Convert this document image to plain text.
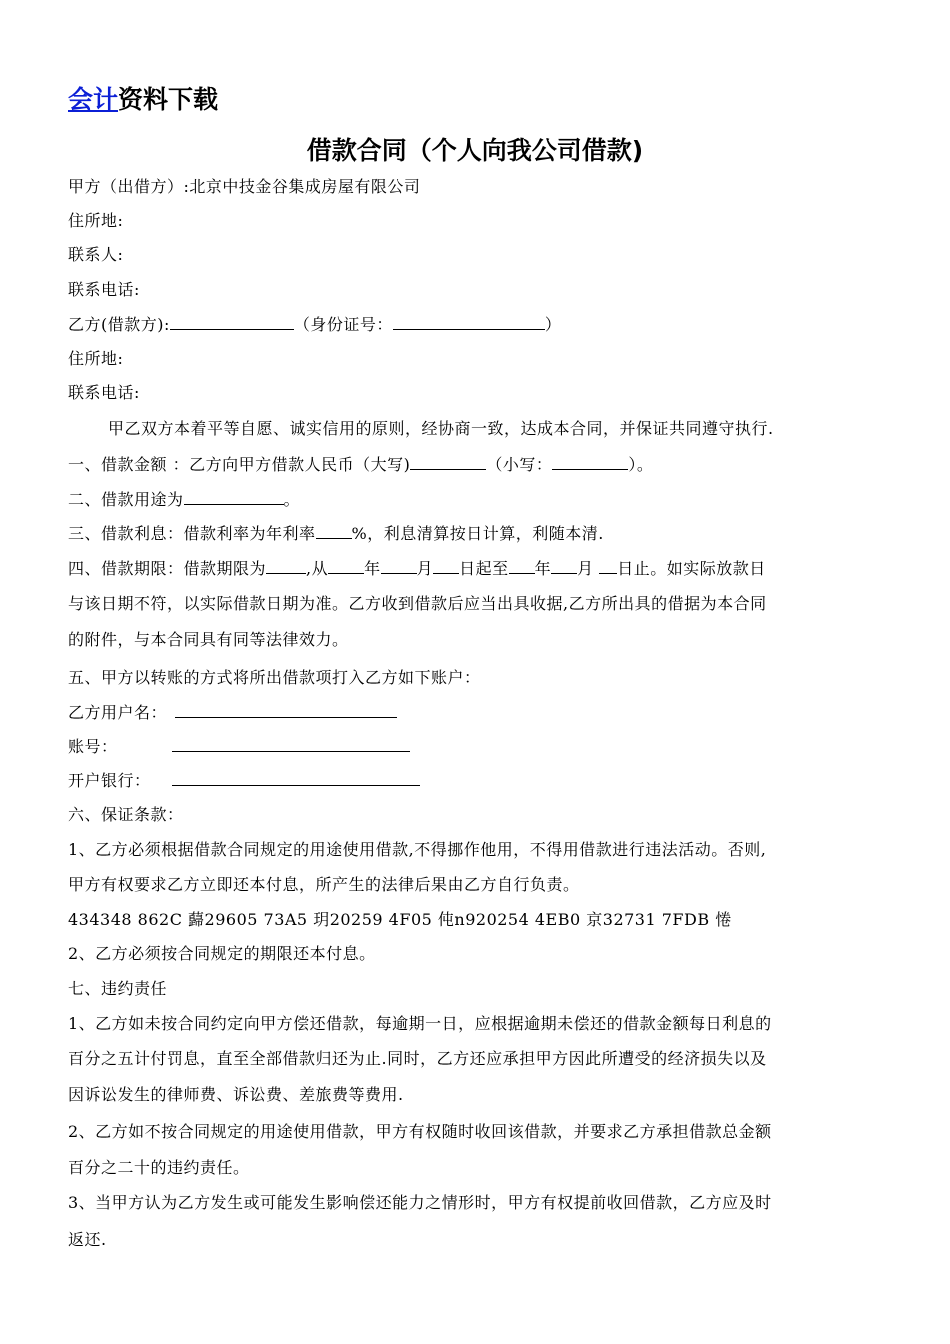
会计资料下载
借款合同（个人向我公司借款)
甲方（出借方）:北京中技金谷集成房屋有限公司
住所地:
联系人:
联系电话:
乙方(借款方):	（身份证号：	）
住所地:
联系电话:
甲乙双方本着平等自愿、诚实信用的原则，经协商一致，达成本合同，并保证共同遵守执行.
一、借款金额 ：乙方向甲方借款人民币（大写)	（小写：	）。
二、借款用途为	。
三、借款利息：借款利率为年利率 %，利息清算按日计算，利随本清.
四、借款期限：借款期限为	,从 年 月 日起至 年 月 日止。如实际放款日
与该日期不符，以实际借款日期为准。乙方收到借款后应当出具收据,乙方所出具的借据为本合同
的附件，与本合同具有同等法律效力。
五、甲方以转账的方式将所出借款项打入乙方如下账户：
乙方用户名：
账号：
开户银行：
六、保证条款：
1、乙方必须根据借款合同规定的用途使用借款,不得挪作他用，不得用借款进行违法活动。否则,
甲方有权要求乙方立即还本付息，所产生的法律后果由乙方自行负责。
434348 862C 蘬29605 73A5 玥20259 4F05 伅n920254 4EB0 京32731 7FDB 惓
2、乙方必须按合同规定的期限还本付息。
七、违约责任
1、乙方如未按合同约定向甲方偿还借款，每逾期一日，应根据逾期未偿还的借款金额每日利息的
百分之五计付罚息，直至全部借款归还为止.同时，乙方还应承担甲方因此所遭受的经济损失以及
因诉讼发生的律师费、诉讼费、差旅费等费用.
2、乙方如不按合同规定的用途使用借款，甲方有权随时收回该借款，并要求乙方承担借款总金额
百分之二十的违约责任。
3、当甲方认为乙方发生或可能发生影响偿还能力之情形时，甲方有权提前收回借款，乙方应及时
返还.
